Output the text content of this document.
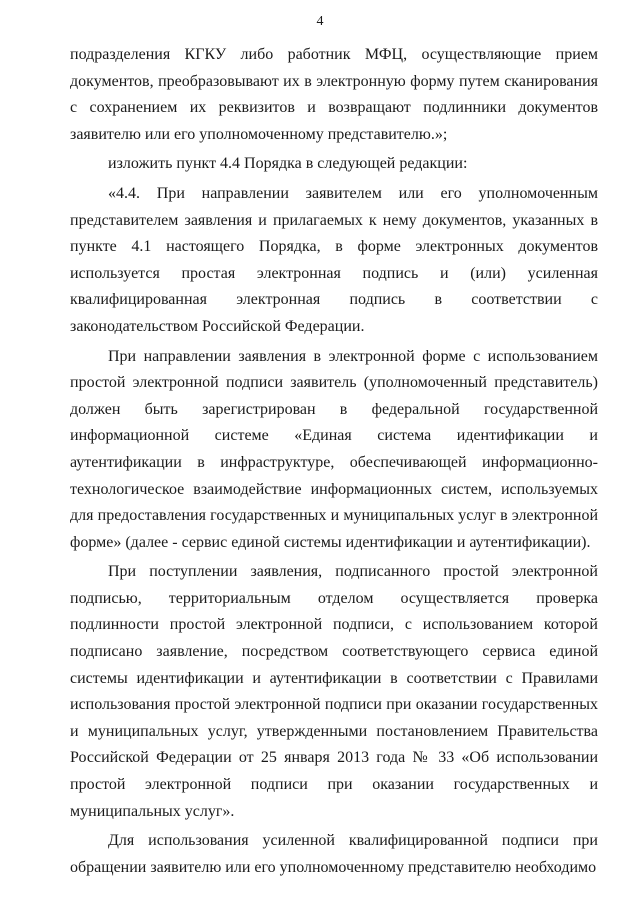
4

подразделения КГКУ либо работник МФЦ, осуществляющие прием документов, преобразовывают их в электронную форму путем сканирования с сохранением их реквизитов и возвращают подлинники документов заявителю или его уполномоченному представителю.»;

изложить пункт 4.4 Порядка в следующей редакции:

«4.4. При направлении заявителем или его уполномоченным представителем заявления и прилагаемых к нему документов, указанных в пункте 4.1 настоящего Порядка, в форме электронных документов используется простая электронная подпись и (или) усиленная квалифицированная электронная подпись в соответствии с законодательством Российской Федерации.

При направлении заявления в электронной форме с использованием простой электронной подписи заявитель (уполномоченный представитель) должен быть зарегистрирован в федеральной государственной информационной системе «Единая система идентификации и аутентификации в инфраструктуре, обеспечивающей информационно-технологическое взаимодействие информационных систем, используемых для предоставления государственных и муниципальных услуг в электронной форме» (далее - сервис единой системы идентификации и аутентификации).

При поступлении заявления, подписанного простой электронной подписью, территориальным отделом осуществляется проверка подлинности простой электронной подписи, с использованием которой подписано заявление, посредством соответствующего сервиса единой системы идентификации и аутентификации в соответствии с Правилами использования простой электронной подписи при оказании государственных и муниципальных услуг, утвержденными постановлением Правительства Российской Федерации от 25 января 2013 года № 33 «Об использовании простой электронной подписи при оказании государственных и муниципальных услуг».

Для использования усиленной квалифицированной подписи при обращении заявителю или его уполномоченному представителю необходимо
